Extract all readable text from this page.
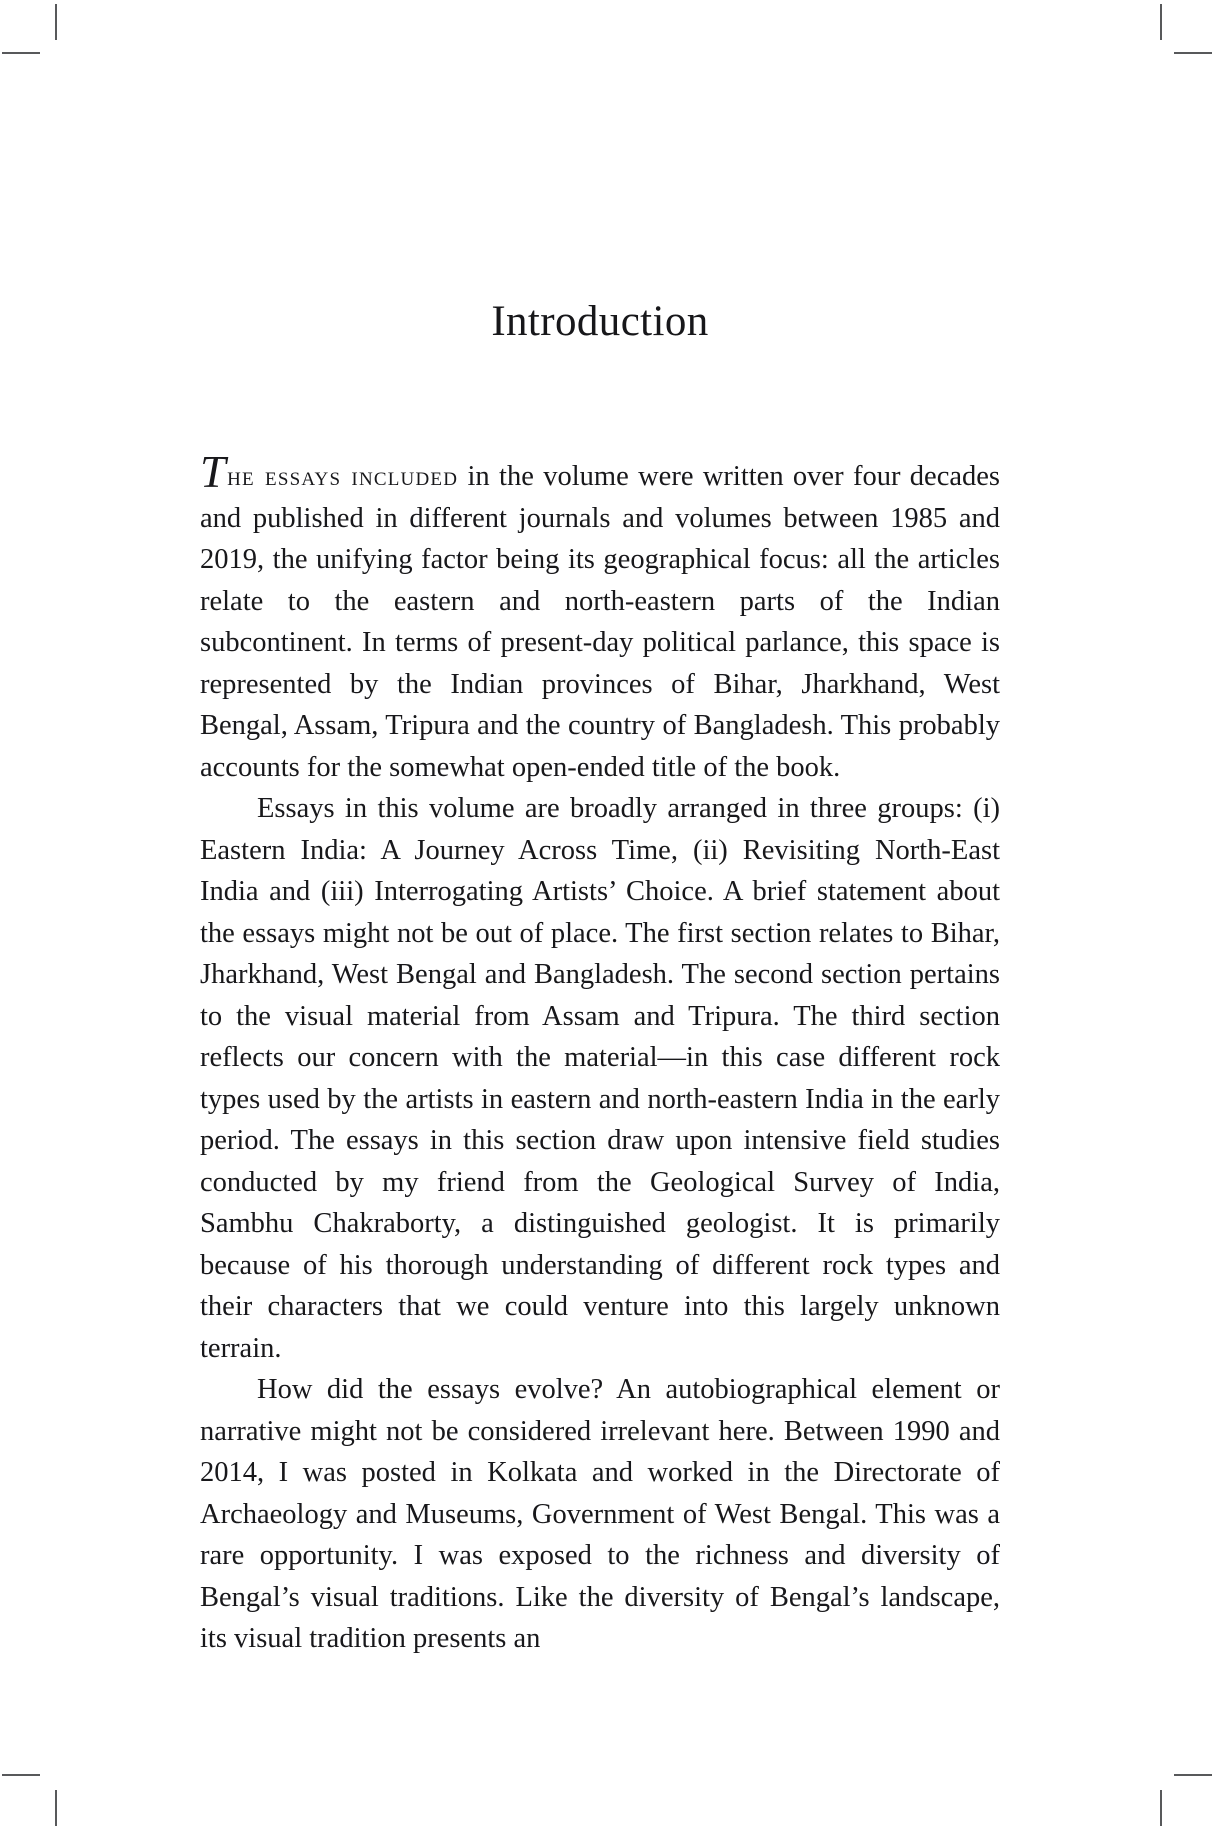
Introduction

The essays included in the volume were written over four decades and published in different journals and volumes between 1985 and 2019, the unifying factor being its geographical focus: all the articles relate to the eastern and north-eastern parts of the Indian subcontinent. In terms of present-day political parlance, this space is represented by the Indian provinces of Bihar, Jharkhand, West Bengal, Assam, Tripura and the country of Bangladesh. This probably accounts for the somewhat open-ended title of the book.

Essays in this volume are broadly arranged in three groups: (i) Eastern India: A Journey Across Time, (ii) Revisiting North-East India and (iii) Interrogating Artists’ Choice. A brief statement about the essays might not be out of place. The first section relates to Bihar, Jharkhand, West Bengal and Bangladesh. The second section pertains to the visual material from Assam and Tripura. The third section reflects our concern with the material—in this case different rock types used by the artists in eastern and north-eastern India in the early period. The essays in this section draw upon intensive field studies conducted by my friend from the Geological Survey of India, Sambhu Chakraborty, a distinguished geologist. It is primarily because of his thorough understanding of different rock types and their characters that we could venture into this largely unknown terrain.

How did the essays evolve? An autobiographical element or narrative might not be considered irrelevant here. Between 1990 and 2014, I was posted in Kolkata and worked in the Directorate of Archaeology and Museums, Government of West Bengal. This was a rare opportunity. I was exposed to the richness and diversity of Bengal’s visual traditions. Like the diversity of Bengal’s landscape, its visual tradition presents an
